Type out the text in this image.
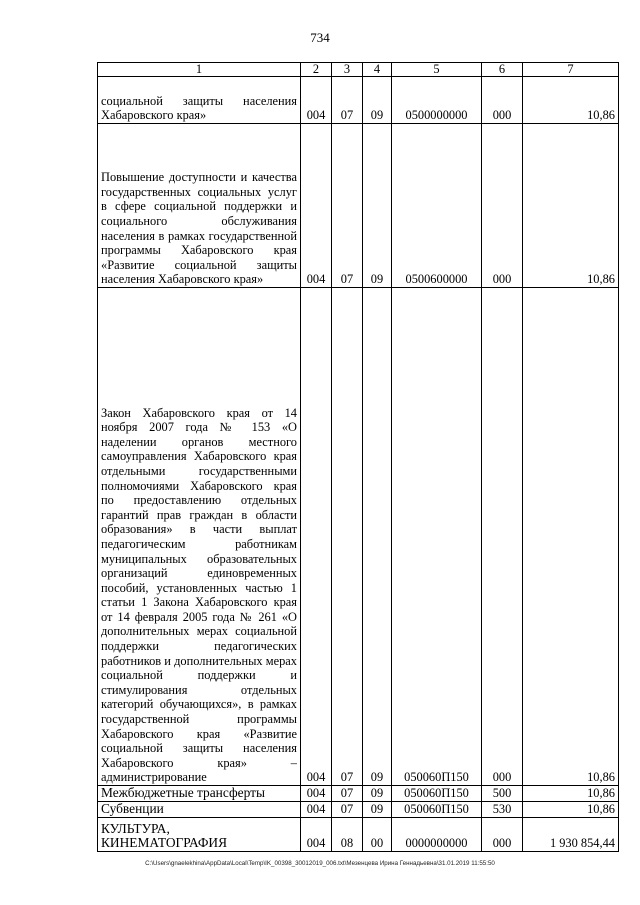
734
1	2	3	4	5	6	7
социальной защиты населения Хабаровского края»	004	07	09	0500000000	000	10,86
Повышение доступности и качества государственных социальных услуг в сфере социальной поддержки и социального обслуживания населения в рамках государственной программы Хабаровского края «Развитие социальной защиты населения Хабаровского края»	004	07	09	0500600000	000	10,86
Закон Хабаровского края от 14 ноября 2007 года № 153 «О наделении органов местного самоуправления Хабаровского края отдельными государственными полномочиями Хабаровского края по предоставлению отдельных гарантий прав граждан в области образования» в части выплат педагогическим работникам муниципальных образовательных организаций единовременных пособий, установленных частью 1 статьи 1 Закона Хабаровского края от 14 февраля 2005 года № 261 «О дополнительных мерах социальной поддержки педагогических работников и дополнительных мерах социальной поддержки и стимулирования отдельных категорий обучающихся», в рамках государственной программы Хабаровского края «Развитие социальной защиты населения Хабаровского края» – администрирование	004	07	09	050060П150	000	10,86
Межбюджетные трансферты	004	07	09	050060П150	500	10,86
Субвенции	004	07	09	050060П150	530	10,86
КУЛЬТУРА, КИНЕМАТОГРАФИЯ	004	08	00	0000000000	000	1 930 854,44
C:\Users\gnaelekhina\AppData\Local\Temp\IK_00398_30012019_006.txt\Мезенцева Ирина Геннадьевна\31.01.2019 11:55:50
